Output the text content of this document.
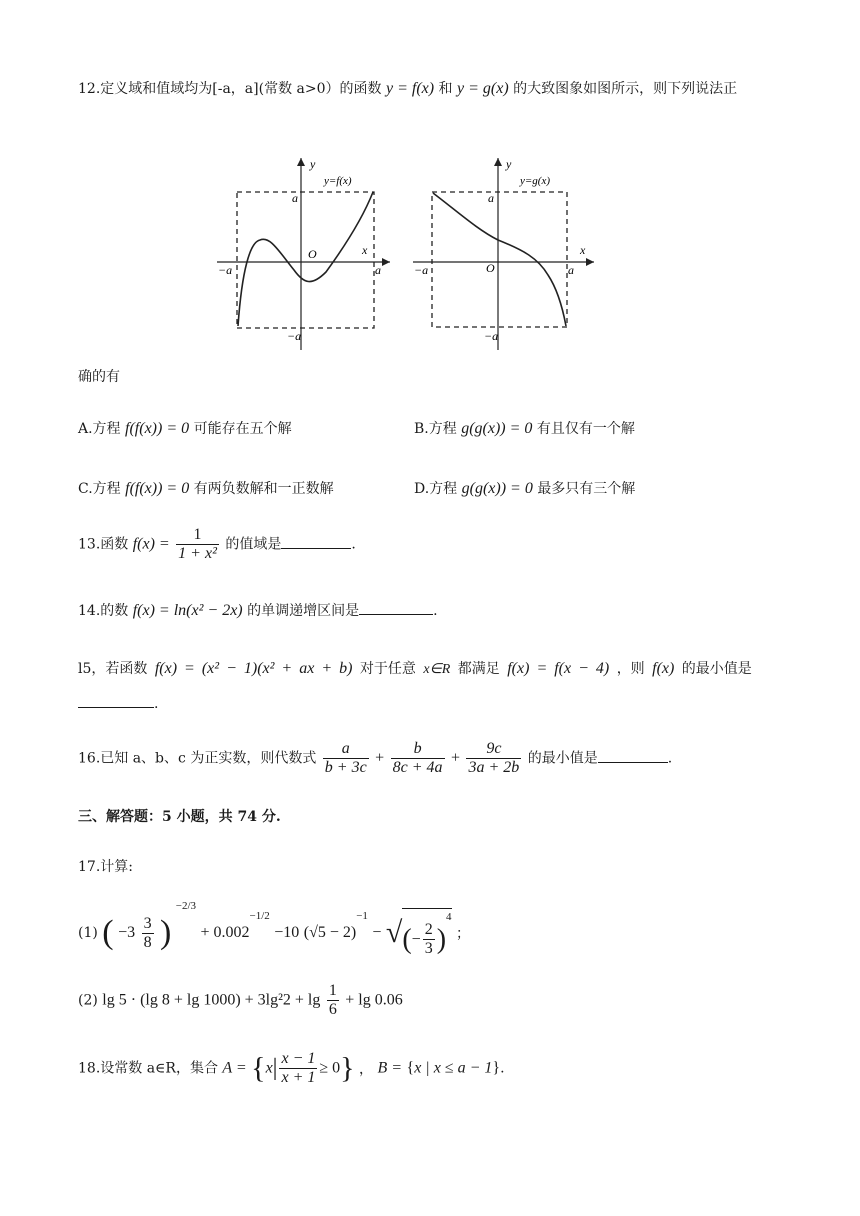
12.定义域和值域均为[-a，a](常数 a>0）的函数 y = f(x) 和 y = g(x) 的大致图象如图所示，则下列说法正
y
y=f(x)
a
O	x
−a	a
−a
y
y=g(x)
a
O
x
−a	a
−a
确的有
A.方程 f(f(x)) = 0 可能存在五个解	B.方程 g(g(x)) = 0 有且仅有一个解
C.方程 f(f(x)) = 0 有两负数解和一正数解	D.方程 g(g(x)) = 0 最多只有三个解
13.函数 $f(x) = \frac{1}{\text{1 + x²}}$ 的值域是	.
14.的数 f(x) = ln(x² − 2x) 的单调递增区间是	.
l5，若函数 f(x) = (x² − 1)(x² + ax + b) 对于任意 x∈R 都满足 f(x) = f(x − 4) ，则 f(x) 的最小值是
.
16.已知 a、b、c 为正实数，则代数式 $\frac{a}{b + 3c} + \frac{b}{8c + 4a} + \frac{9c}{3a + 2b}$ 的最小值是	.
三、解答题：5 小题，共 74 分.
17.计算:
(1) ( $-3 \frac{3}{8}$ ) $^{-2/3} + 0.002^{-1/2} -10$ $(√5 - 2)^{-1}$ − √(− $\frac{2}{3} )^4$ ；
(2) lg 5 · (lg $8 + \lg 1000) + 3\lg^22 + \lg \frac{1}{6} + \lg 0.06$
18.设常数 a∈R，集合 $A = \{x| \frac{x - 1}{x + 1} \ge 0\}$ ， B = {x | x ≤ a − 1}.
